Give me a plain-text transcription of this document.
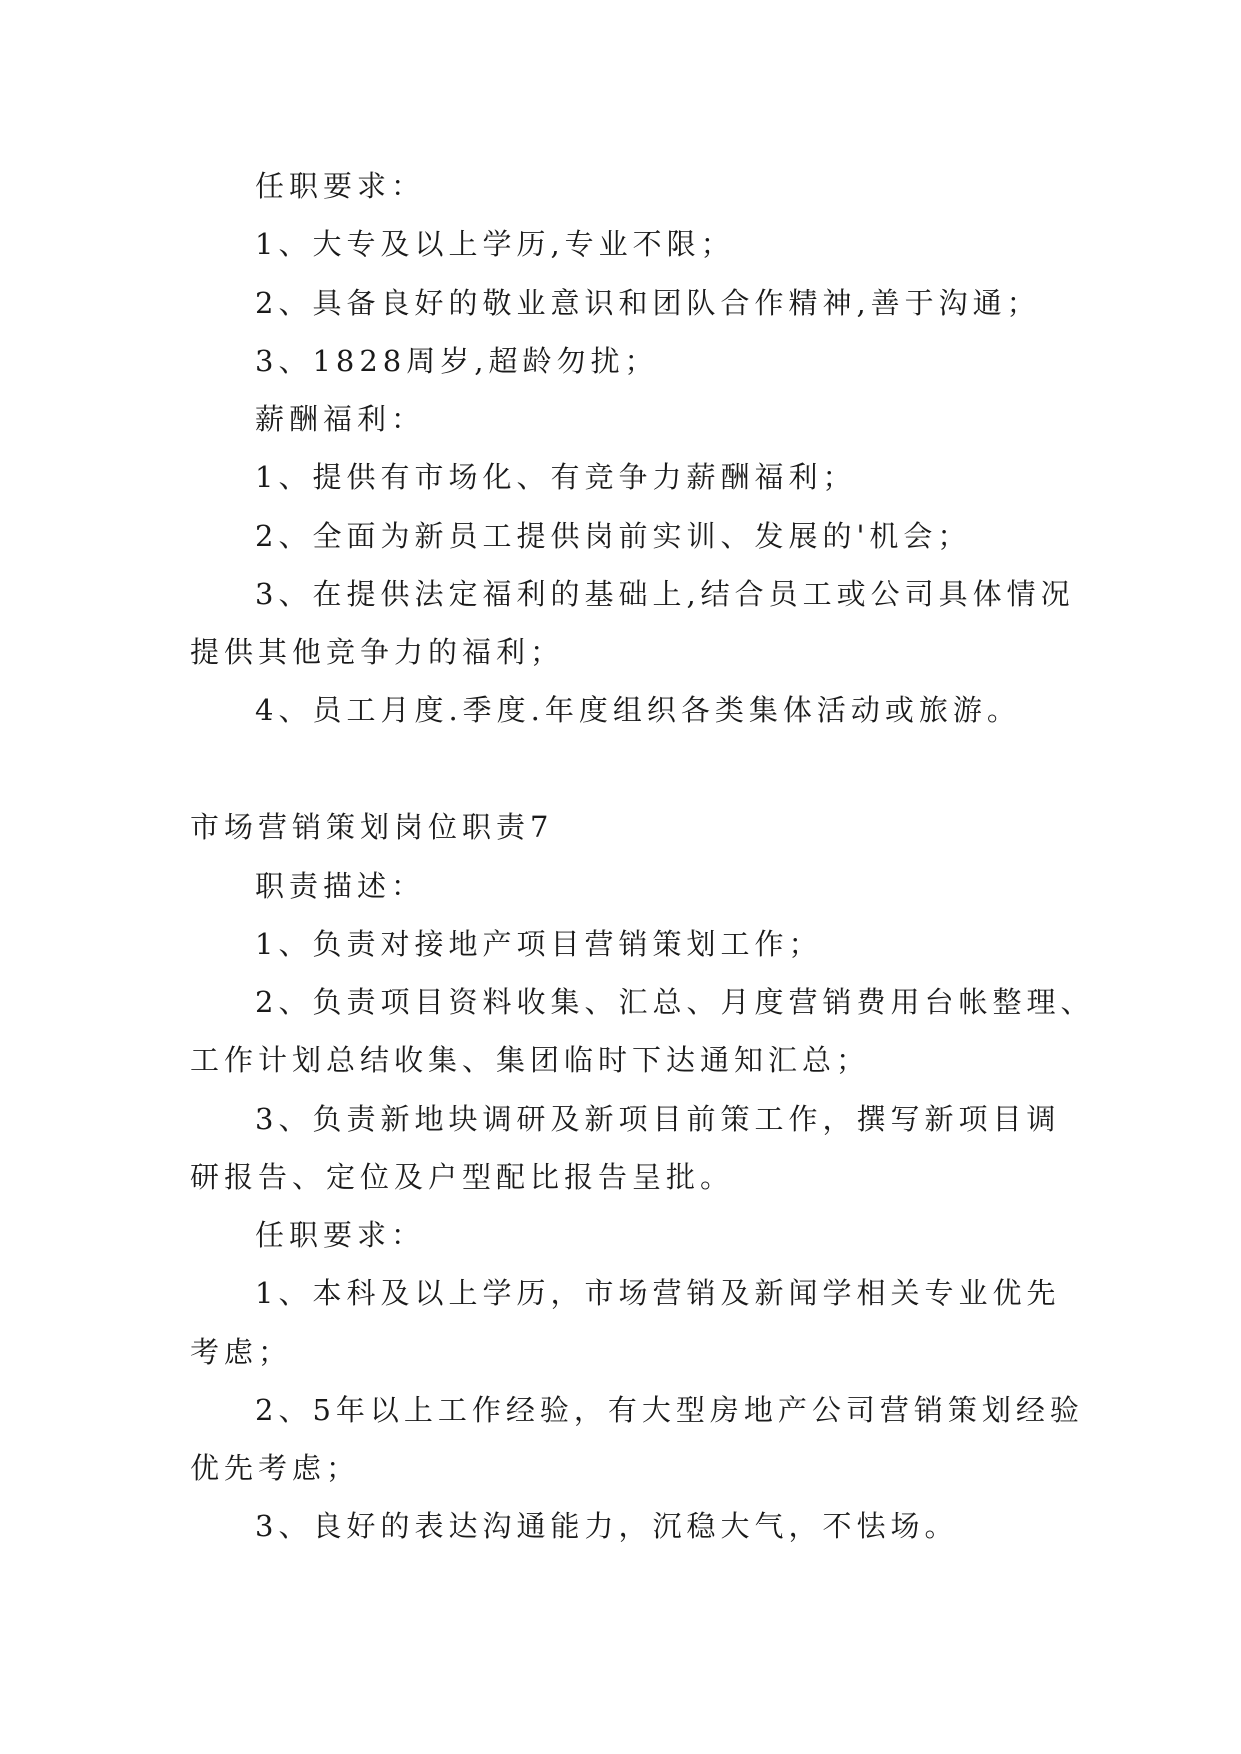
任职要求：
1、大专及以上学历,专业不限；
2、具备良好的敬业意识和团队合作精神,善于沟通；
3、1828周岁,超龄勿扰；
薪酬福利：
1、提供有市场化、有竞争力薪酬福利；
2、全面为新员工提供岗前实训、发展的'机会；
3、在提供法定福利的基础上,结合员工或公司具体情况
提供其他竞争力的福利；
4、员工月度.季度.年度组织各类集体活动或旅游。
市场营销策划岗位职责7
职责描述：
1、负责对接地产项目营销策划工作；
2、负责项目资料收集、汇总、月度营销费用台帐整理、
工作计划总结收集、集团临时下达通知汇总；
3、负责新地块调研及新项目前策工作，撰写新项目调
研报告、定位及户型配比报告呈批。
任职要求：
1、本科及以上学历，市场营销及新闻学相关专业优先
考虑；
2、5年以上工作经验，有大型房地产公司营销策划经验
优先考虑；
3、良好的表达沟通能力，沉稳大气，不怯场。
